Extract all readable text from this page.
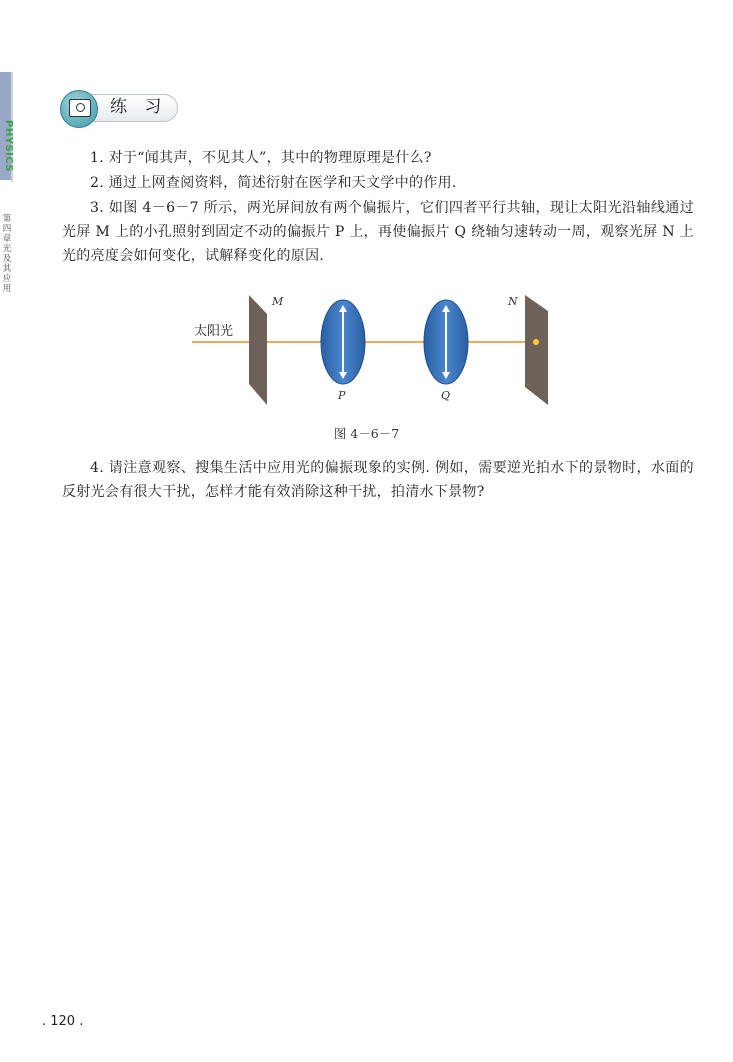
PHYSICS
第四章　光及其应用
练 习

1. 对于“闻其声，不见其人”，其中的物理原理是什么?

2. 通过上网查阅资料，简述衍射在医学和天文学中的作用.

3. 如图 4－6－7 所示，两光屏间放有两个偏振片，它们四者平行共轴，现让太阳光沿轴线通过光屏 M 上的小孔照射到固定不动的偏振片 P 上，再使偏振片 Q 绕轴匀速转动一周，观察光屏 N 上光的亮度会如何变化，试解释变化的原因.

太阳光
M	N
P	Q
图 4－6－7

4. 请注意观察、搜集生活中应用光的偏振现象的实例. 例如，需要逆光拍水下的景物时，水面的反射光会有很大干扰，怎样才能有效消除这种干扰，拍清水下景物?

. 120 .
